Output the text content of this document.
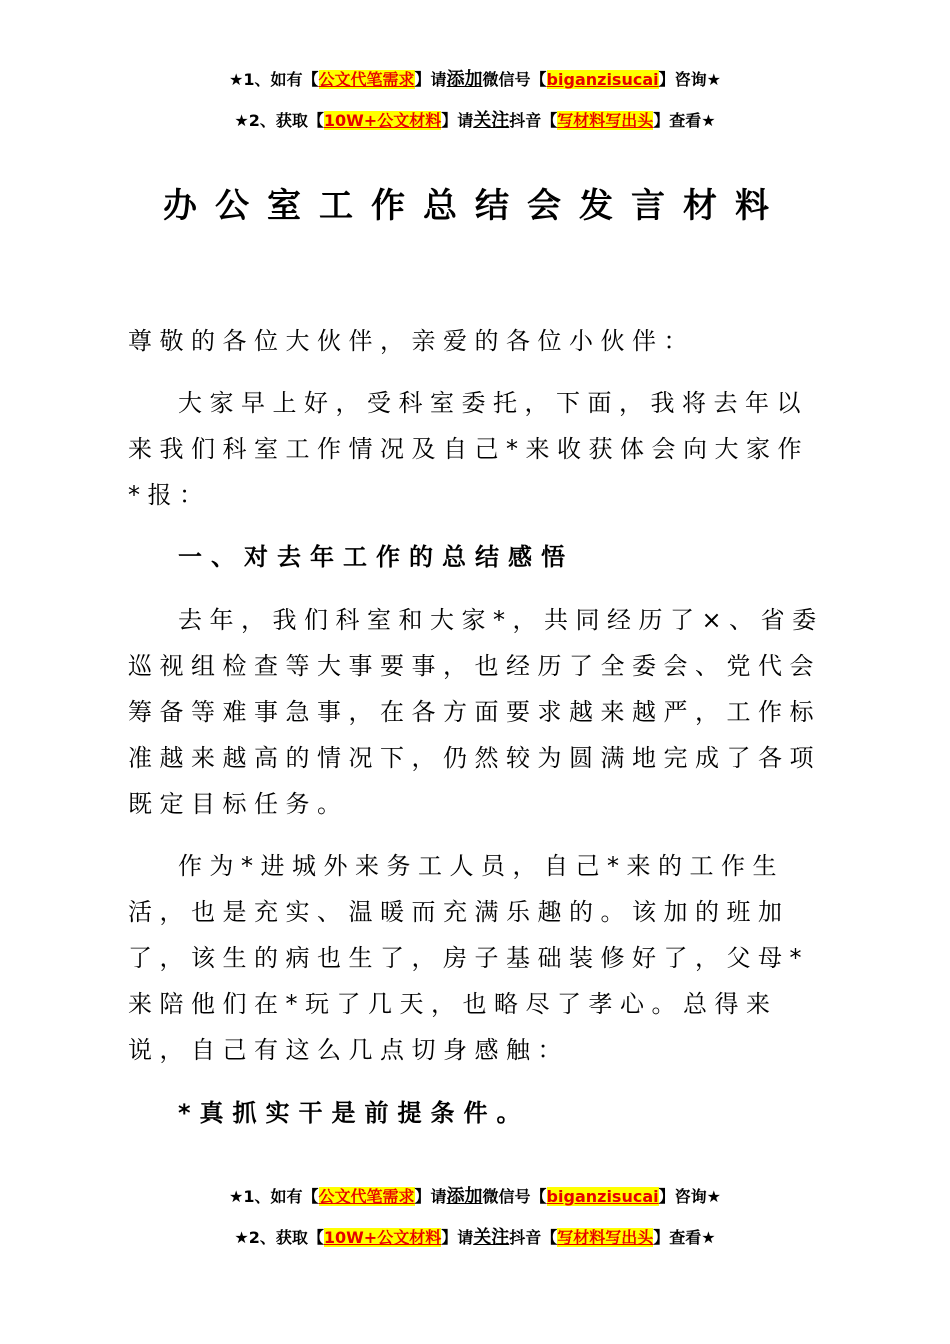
★1、如有【公文代笔需求】请添加微信号【biganzisucai】咨询★
★2、获取【10W+公文材料】请关注抖音【写材料写出头】查看★
办公室工作总结会发言材料
尊敬的各位大伙伴，亲爱的各位小伙伴：
大家早上好，受科室委托，下面，我将去年以来我们科室工作情况及自己*来收获体会向大家作*报：
一、对去年工作的总结感悟
去年，我们科室和大家*，共同经历了×、省委巡视组检查等大事要事，也经历了全委会、党代会筹备等难事急事，在各方面要求越来越严，工作标准越来越高的情况下，仍然较为圆满地完成了各项既定目标任务。
作为*进城外来务工人员，自己*来的工作生活，也是充实、温暖而充满乐趣的。该加的班加了，该生的病也生了，房子基础装修好了，父母*来陪他们在*玩了几天，也略尽了孝心。总得来说，自己有这么几点切身感触：
*真抓实干是前提条件。
★1、如有【公文代笔需求】请添加微信号【biganzisucai】咨询★
★2、获取【10W+公文材料】请关注抖音【写材料写出头】查看★
